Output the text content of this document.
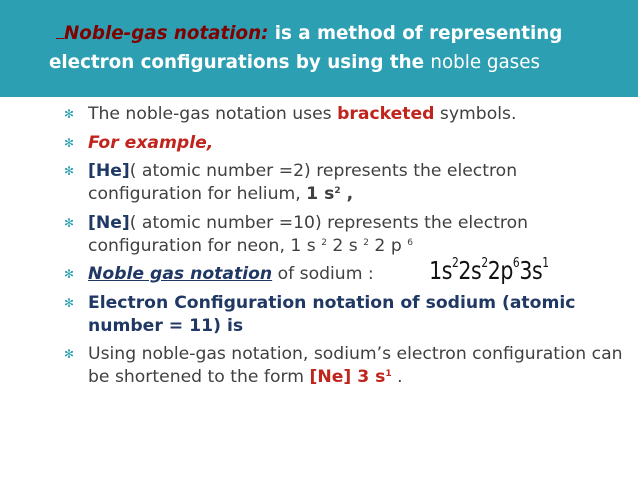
Noble-gas notation: is a method of representing
electron configurations by using the noble gases
✻ The noble-gas notation uses bracketed symbols.
✻ For example,
✻ [He]( atomic number =2) represents the electron configuration for helium, 1 $s^2$ ,
✻ [Ne]( atomic number =10) represents the electron configuration for neon, 1 s $^2$ 2 s $^2$ 2 p $^6$
✻ Noble gas notation of sodium :
✻ Electron Configuration notation of sodium (atomic number = 11) is
✻ Using noble-gas notation, sodium’s electron configuration can be shortened to the form [Ne] 3 $s^1$ .
$1s^22s^22p^63s^1$
